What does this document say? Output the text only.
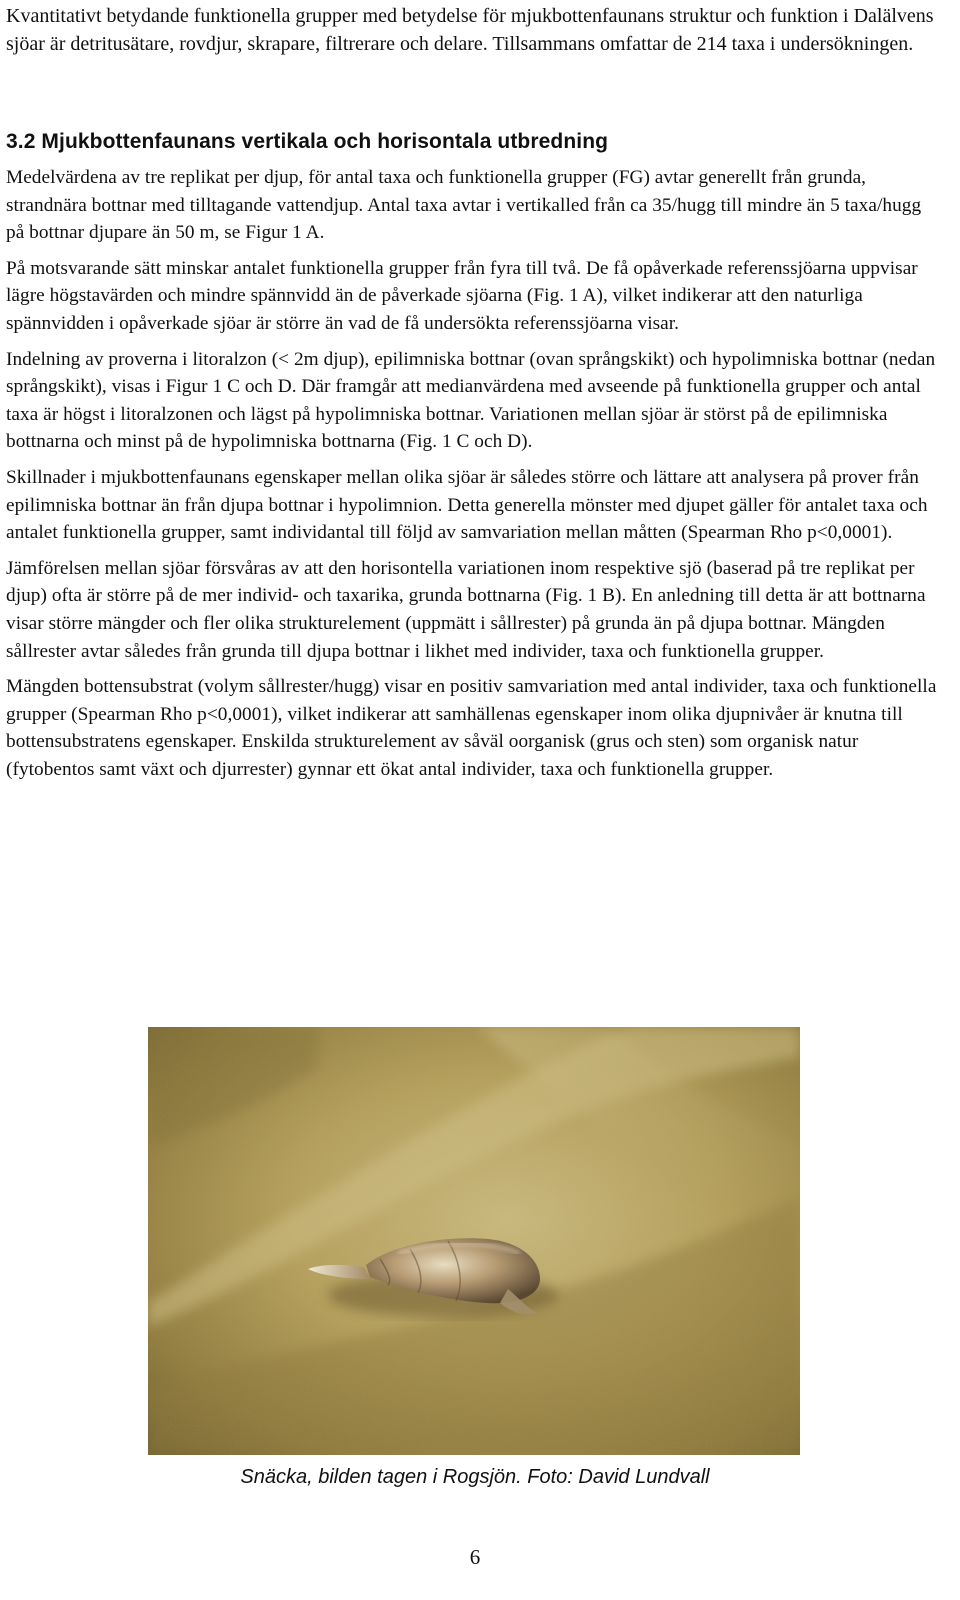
Kvantitativt betydande funktionella grupper med betydelse för mjukbottenfaunans struktur och funktion i Dalälvens sjöar är detritusätare, rovdjur, skrapare, filtrerare och delare. Tillsammans omfattar de 214 taxa i undersökningen.

3.2 Mjukbottenfaunans vertikala och horisontala utbredning

Medelvärdena av tre replikat per djup, för antal taxa och funktionella grupper (FG) avtar generellt från grunda, strandnära bottnar med tilltagande vattendjup. Antal taxa avtar i vertikalled från ca 35/hugg till mindre än 5 taxa/hugg på bottnar djupare än 50 m, se Figur 1 A.

På motsvarande sätt minskar antalet funktionella grupper från fyra till två. De få opåverkade referenssjöarna uppvisar lägre högstavärden och mindre spännvidd än de påverkade sjöarna (Fig. 1 A), vilket indikerar att den naturliga spännvidden i opåverkade sjöar är större än vad de få undersökta referenssjöarna visar.

Indelning av proverna i litoralzon (< 2m djup), epilimniska bottnar (ovan språngskikt) och hypolimniska bottnar (nedan språngskikt), visas i Figur 1 C och D. Där framgår att medianvärdena med avseende på funktionella grupper och antal taxa är högst i litoralzonen och lägst på hypolimniska bottnar. Variationen mellan sjöar är störst på de epilimniska bottnarna och minst på de hypolimniska bottnarna (Fig. 1 C och D).

Skillnader i mjukbottenfaunans egenskaper mellan olika sjöar är således större och lättare att analysera på prover från epilimniska bottnar än från djupa bottnar i hypolimnion. Detta generella mönster med djupet gäller för antalet taxa och antalet funktionella grupper, samt individantal till följd av samvariation mellan måtten (Spearman Rho p<0,0001).

Jämförelsen mellan sjöar försvåras av att den horisontella variationen inom respektive sjö (baserad på tre replikat per djup) ofta är större på de mer individ- och taxarika, grunda bottnarna (Fig. 1 B). En anledning till detta är att bottnarna visar större mängder och fler olika strukturelement (uppmätt i sållrester) på grunda än på djupa bottnar. Mängden sållrester avtar således från grunda till djupa bottnar i likhet med individer, taxa och funktionella grupper.

Mängden bottensubstrat (volym sållrester/hugg) visar en positiv samvariation med antal individer, taxa och funktionella grupper (Spearman Rho p<0,0001), vilket indikerar att samhällenas egenskaper inom olika djupnivåer är knutna till bottensubstratens egenskaper. Enskilda strukturelement av såväl oorganisk (grus och sten) som organisk natur (fytobentos samt växt och djurrester) gynnar ett ökat antal individer, taxa och funktionella grupper.

Snäcka, bilden tagen i Rogsjön. Foto: David Lundvall

6
